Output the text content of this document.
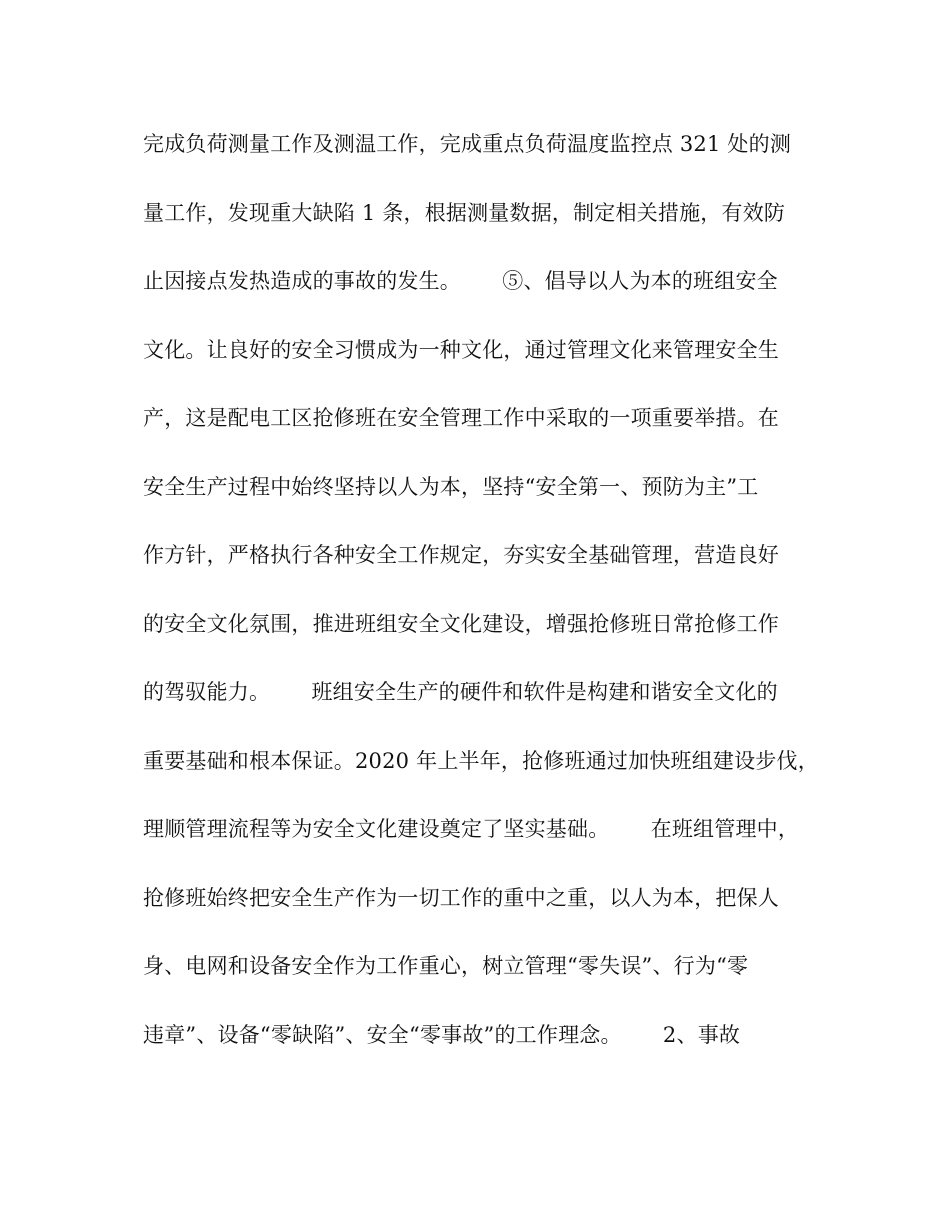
完成负荷测量工作及测温工作，完成重点负荷温度监控点 321 处的测
量工作，发现重大缺陷 1 条，根据测量数据，制定相关措施，有效防
止因接点发热造成的事故的发生。      ⑤、倡导以人为本的班组安全
文化。让良好的安全习惯成为一种文化，通过管理文化来管理安全生
产，这是配电工区抢修班在安全管理工作中采取的一项重要举措。在
安全生产过程中始终坚持以人为本，坚持“安全第一、预防为主”工
作方针，严格执行各种安全工作规定，夯实安全基础管理，营造良好
的安全文化氛围，推进班组安全文化建设，增强抢修班日常抢修工作
的驾驭能力。      班组安全生产的硬件和软件是构建和谐安全文化的
重要基础和根本保证。2020 年上半年，抢修班通过加快班组建设步伐，
理顺管理流程等为安全文化建设奠定了坚实基础。      在班组管理中，
抢修班始终把安全生产作为一切工作的重中之重，以人为本，把保人
身、电网和设备安全作为工作重心，树立管理“零失误”、行为“零
违章”、设备“零缺陷”、安全“零事故”的工作理念。      2、事故
